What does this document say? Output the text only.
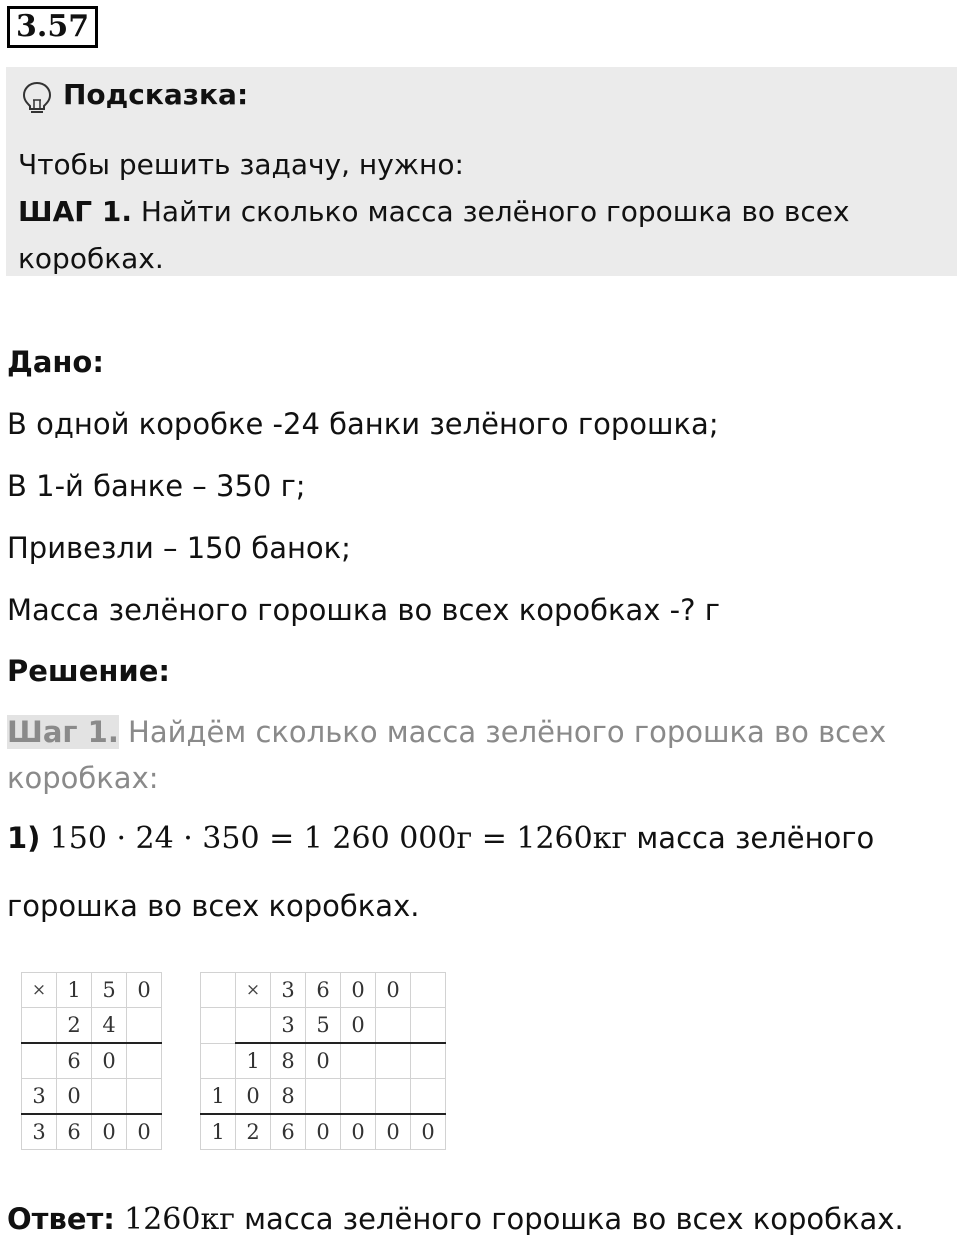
3.57
Подсказка:
Чтобы решить задачу, нужно:
ШАГ 1. Найти сколько масса зелёного горошка во всех
коробках.
Дано:
В одной коробке -24 банки зелёного горошка;
В 1-й банке – 350 г;
Привезли – 150 банок;
Масса зелёного горошка во всех коробках -? г
Решение:
Шаг 1. Найдём сколько масса зелёного горошка во всех
коробках:
1) 150 · 24 · 350 = 1 260 000г = 1260кг масса зелёного
горошка во всех коробках.
×	1	5	0
	2	4	
	6	0	
3	0		
3	6	0	0
	×	3	6	0	0	
		3	5	0		
	1	8	0			
1	0	8				
1	2	6	0	0	0	0
Ответ: 1260кг масса зелёного горошка во всех коробках.
